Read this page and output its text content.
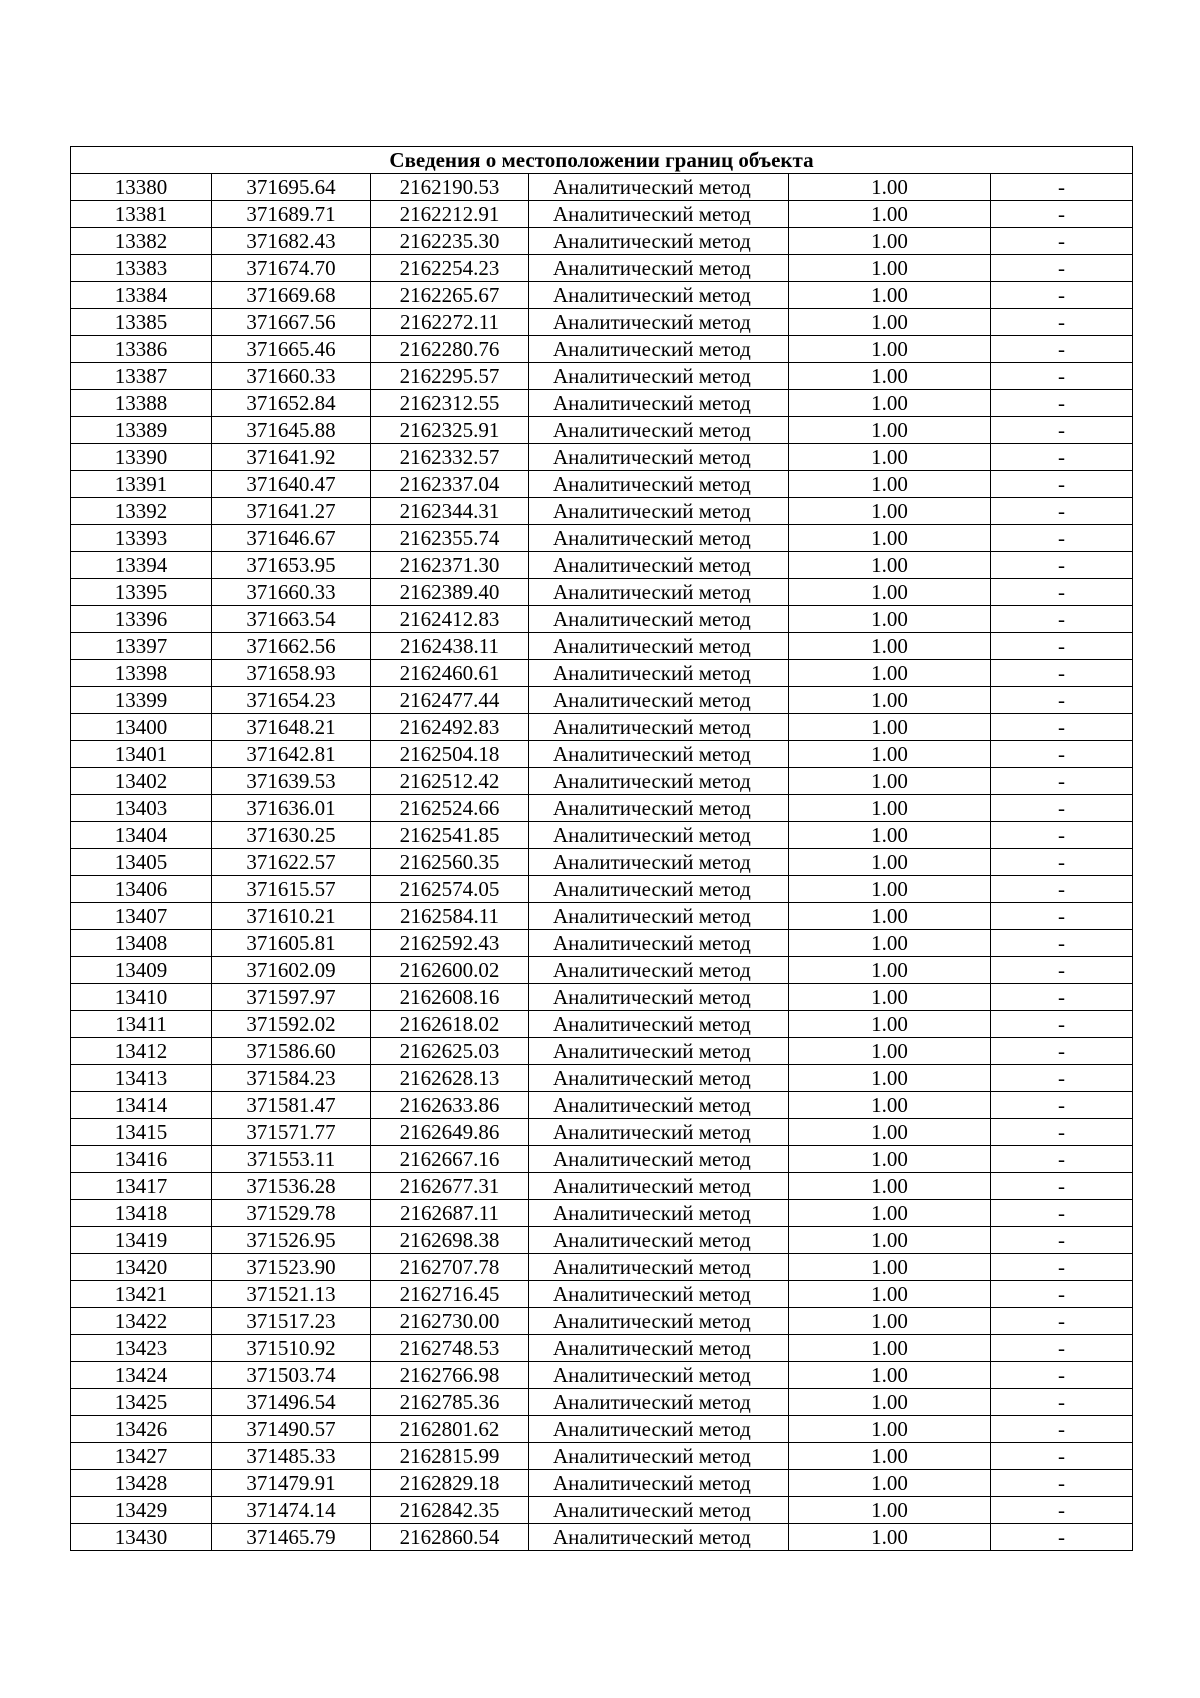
Сведения о местоположении границ объекта					
13380	371695.64	2162190.53	Аналитический метод	1.00	-
13381	371689.71	2162212.91	Аналитический метод	1.00	-
13382	371682.43	2162235.30	Аналитический метод	1.00	-
13383	371674.70	2162254.23	Аналитический метод	1.00	-
13384	371669.68	2162265.67	Аналитический метод	1.00	-
13385	371667.56	2162272.11	Аналитический метод	1.00	-
13386	371665.46	2162280.76	Аналитический метод	1.00	-
13387	371660.33	2162295.57	Аналитический метод	1.00	-
13388	371652.84	2162312.55	Аналитический метод	1.00	-
13389	371645.88	2162325.91	Аналитический метод	1.00	-
13390	371641.92	2162332.57	Аналитический метод	1.00	-
13391	371640.47	2162337.04	Аналитический метод	1.00	-
13392	371641.27	2162344.31	Аналитический метод	1.00	-
13393	371646.67	2162355.74	Аналитический метод	1.00	-
13394	371653.95	2162371.30	Аналитический метод	1.00	-
13395	371660.33	2162389.40	Аналитический метод	1.00	-
13396	371663.54	2162412.83	Аналитический метод	1.00	-
13397	371662.56	2162438.11	Аналитический метод	1.00	-
13398	371658.93	2162460.61	Аналитический метод	1.00	-
13399	371654.23	2162477.44	Аналитический метод	1.00	-
13400	371648.21	2162492.83	Аналитический метод	1.00	-
13401	371642.81	2162504.18	Аналитический метод	1.00	-
13402	371639.53	2162512.42	Аналитический метод	1.00	-
13403	371636.01	2162524.66	Аналитический метод	1.00	-
13404	371630.25	2162541.85	Аналитический метод	1.00	-
13405	371622.57	2162560.35	Аналитический метод	1.00	-
13406	371615.57	2162574.05	Аналитический метод	1.00	-
13407	371610.21	2162584.11	Аналитический метод	1.00	-
13408	371605.81	2162592.43	Аналитический метод	1.00	-
13409	371602.09	2162600.02	Аналитический метод	1.00	-
13410	371597.97	2162608.16	Аналитический метод	1.00	-
13411	371592.02	2162618.02	Аналитический метод	1.00	-
13412	371586.60	2162625.03	Аналитический метод	1.00	-
13413	371584.23	2162628.13	Аналитический метод	1.00	-
13414	371581.47	2162633.86	Аналитический метод	1.00	-
13415	371571.77	2162649.86	Аналитический метод	1.00	-
13416	371553.11	2162667.16	Аналитический метод	1.00	-
13417	371536.28	2162677.31	Аналитический метод	1.00	-
13418	371529.78	2162687.11	Аналитический метод	1.00	-
13419	371526.95	2162698.38	Аналитический метод	1.00	-
13420	371523.90	2162707.78	Аналитический метод	1.00	-
13421	371521.13	2162716.45	Аналитический метод	1.00	-
13422	371517.23	2162730.00	Аналитический метод	1.00	-
13423	371510.92	2162748.53	Аналитический метод	1.00	-
13424	371503.74	2162766.98	Аналитический метод	1.00	-
13425	371496.54	2162785.36	Аналитический метод	1.00	-
13426	371490.57	2162801.62	Аналитический метод	1.00	-
13427	371485.33	2162815.99	Аналитический метод	1.00	-
13428	371479.91	2162829.18	Аналитический метод	1.00	-
13429	371474.14	2162842.35	Аналитический метод	1.00	-
13430	371465.79	2162860.54	Аналитический метод	1.00	-
